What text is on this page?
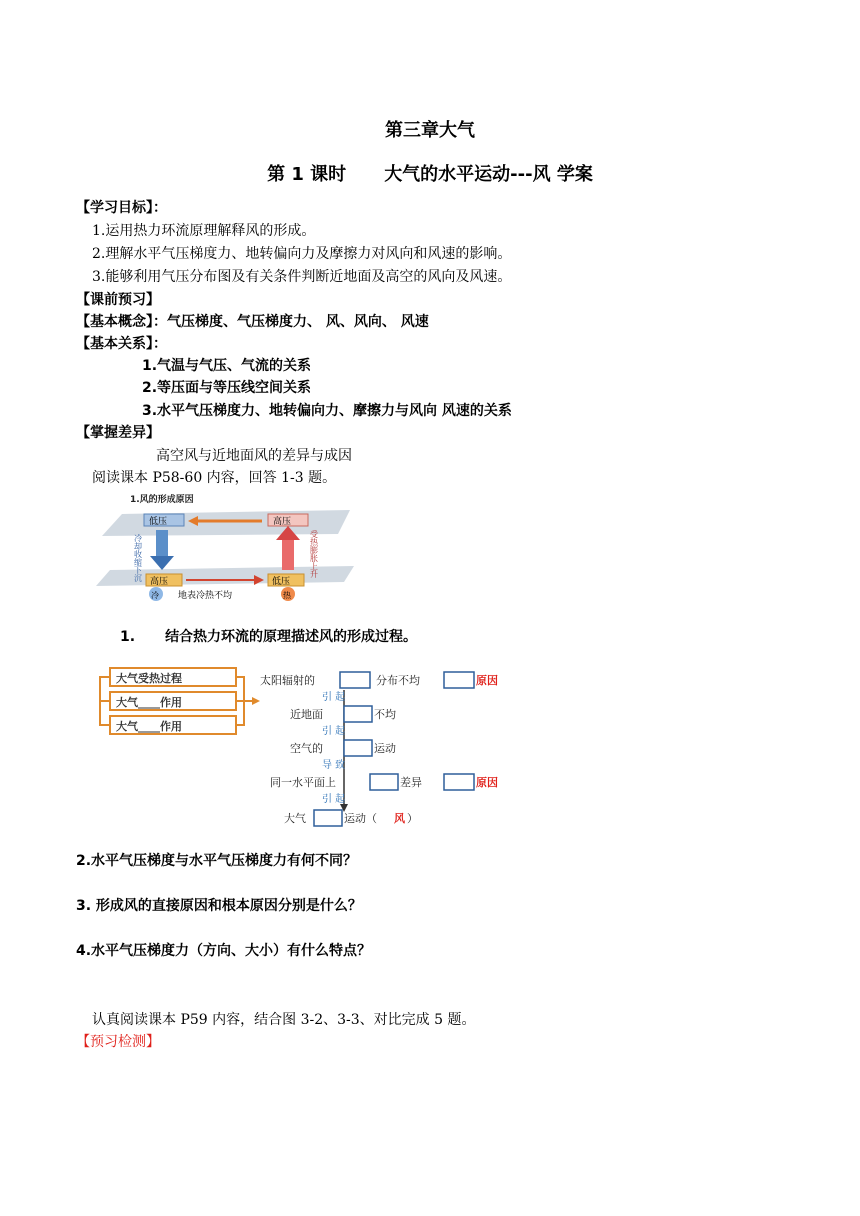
第三章大气
第 1 课时 大气的水平运动---风 学案
【学习目标】：
1.运用热力环流原理解释风的形成。
2.理解水平气压梯度力、地转偏向力及摩擦力对风向和风速的影响。
3.能够利用气压分布图及有关条件判断近地面及高空的风向及风速。
【课前预习】
【基本概念】：气压梯度、气压梯度力、 风、风向、 风速
【基本关系】：
1.气温与气压、气流的关系
2.等压面与等压线空间关系
3.水平气压梯度力、地转偏向力、摩擦力与风向 风速的关系
【掌握差异】
高空风与近地面风的差异与成因
阅读课本 P58-60 内容，回答 1-3 题。
1.风的形成原因
低压	高压
冷却收缩下沉	受热膨胀上升
高压	低压
冷	热
地表冷热不均
1. 结合热力环流的原理描述风的形成过程。
大气受热过程
大气____作用
大气____作用
太阳辐射的	分布不均	原因
引 起
近地面	不均
引 起
空气的	运动
导 致
同一水平面上	差异	原因
引 起
大气	运动（ 风 ）
2.水平气压梯度与水平气压梯度力有何不同？
3. 形成风的直接原因和根本原因分别是什么？
4.水平气压梯度力（方向、大小）有什么特点？
认真阅读课本 P59 内容，结合图 3-2、3-3、对比完成 5 题。
【预习检测】
